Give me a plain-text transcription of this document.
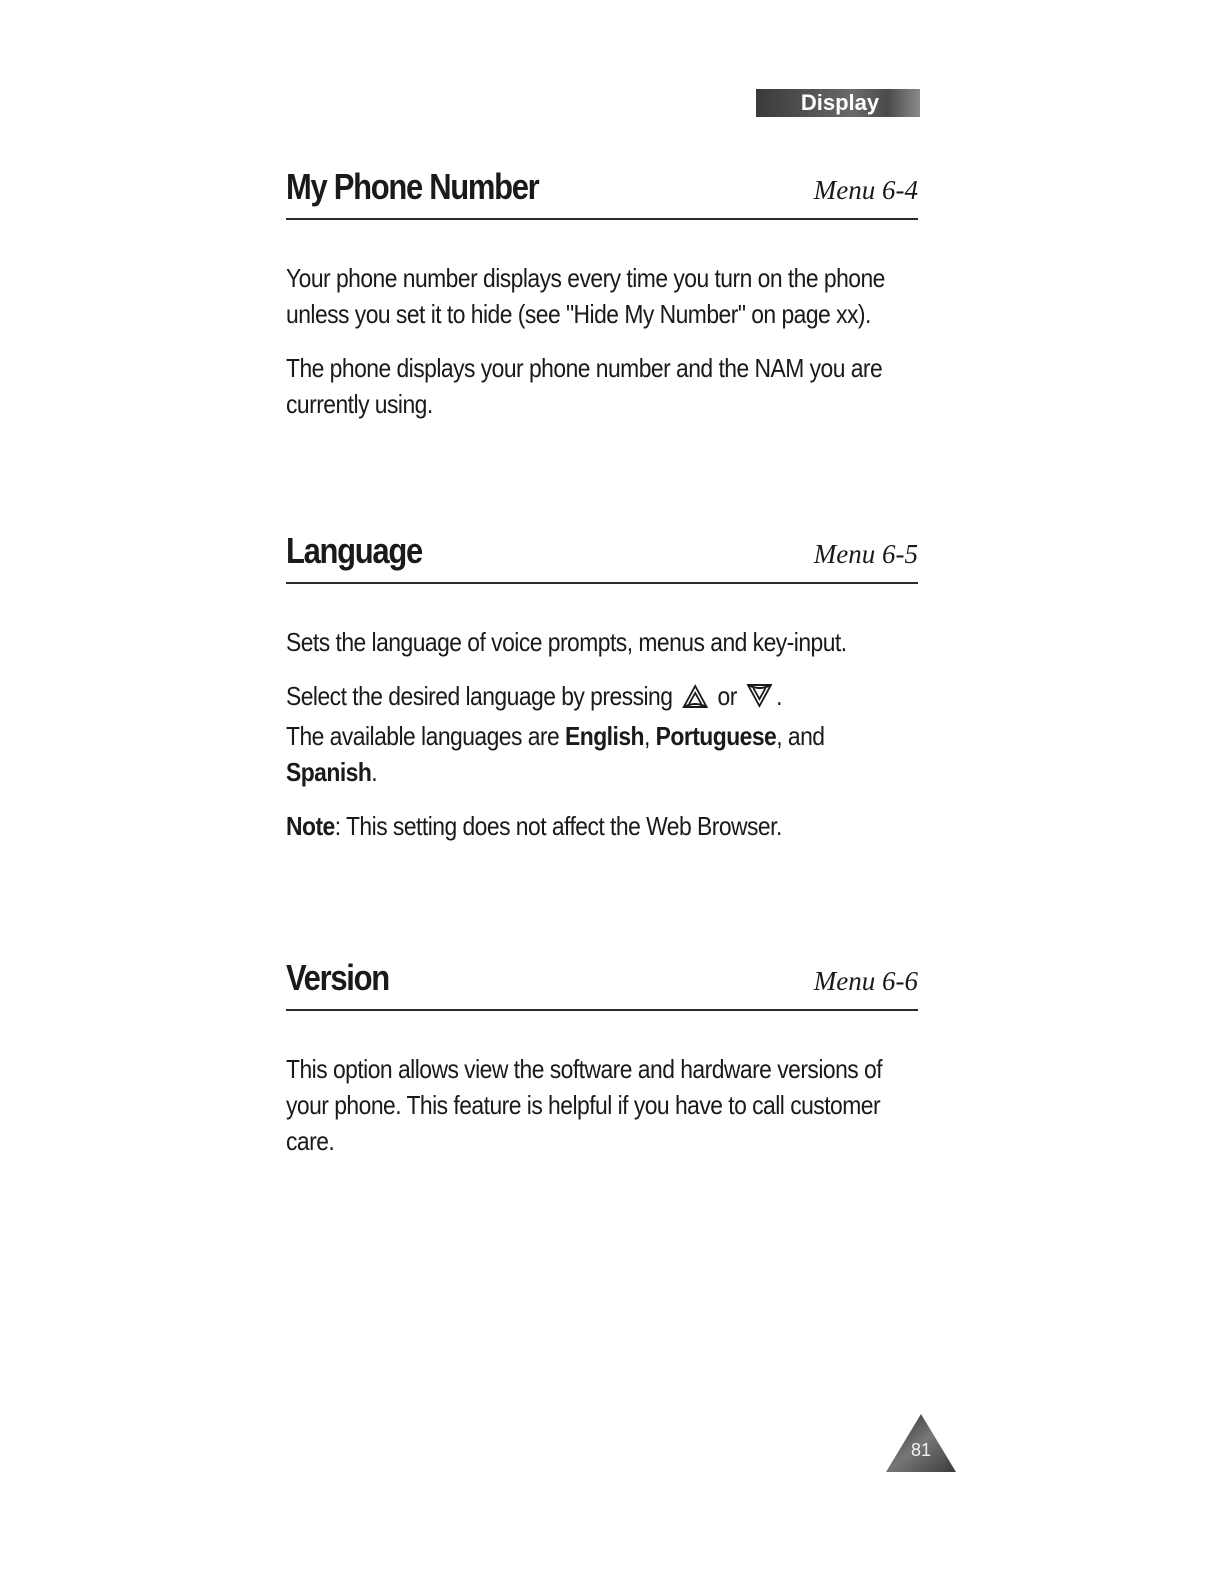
Display
My Phone Number	Menu 6-4

Your phone number displays every time you turn on the phone unless you set it to hide (see "Hide My Number" on page xx).

The phone displays your phone number and the NAM you are currently using.

Language	Menu 6-5

Sets the language of voice prompts, menus and key-input.

Select the desired language by pressing or .
The available languages are English, Portuguese, and
Spanish.

Note: This setting does not affect the Web Browser.

Version	Menu 6-6

This option allows view the software and hardware versions of your phone. This feature is helpful if you have to call customer care.

81
